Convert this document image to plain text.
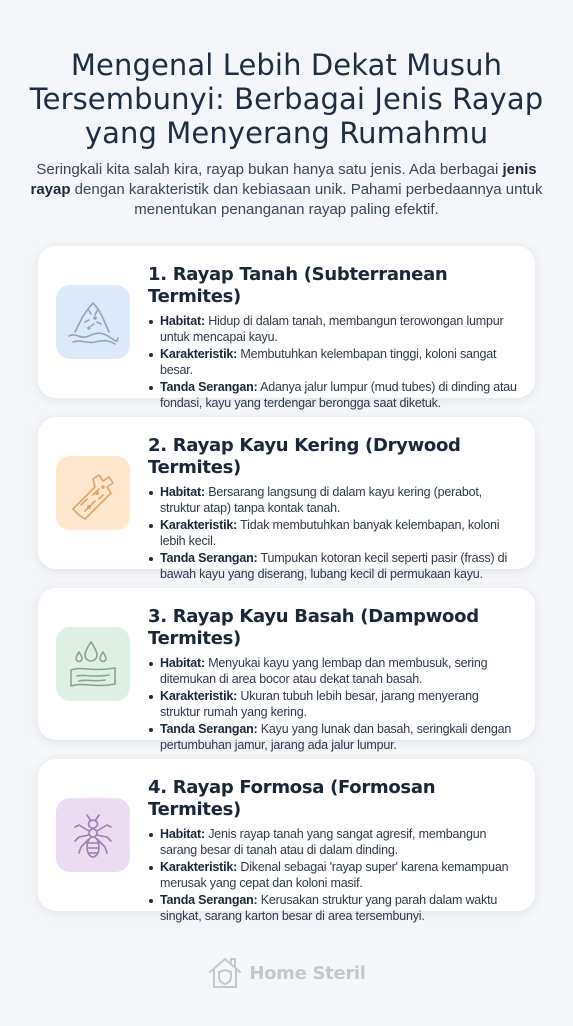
Mengenal Lebih Dekat Musuh Tersembunyi: Berbagai Jenis Rayap yang Menyerang Rumahmu

Seringkali kita salah kira, rayap bukan hanya satu jenis. Ada berbagai jenis rayap dengan karakteristik dan kebiasaan unik. Pahami perbedaannya untuk menentukan penanganan rayap paling efektif.

1. Rayap Tanah (Subterranean Termites)
Habitat: Hidup di dalam tanah, membangun terowongan lumpur untuk mencapai kayu.
Karakteristik: Membutuhkan kelembapan tinggi, koloni sangat besar.
Tanda Serangan: Adanya jalur lumpur (mud tubes) di dinding atau fondasi, kayu yang terdengar berongga saat diketuk.
2. Rayap Kayu Kering (Drywood Termites)
Habitat: Bersarang langsung di dalam kayu kering (perabot, struktur atap) tanpa kontak tanah.
Karakteristik: Tidak membutuhkan banyak kelembapan, koloni lebih kecil.
Tanda Serangan: Tumpukan kotoran kecil seperti pasir (frass) di bawah kayu yang diserang, lubang kecil di permukaan kayu.
3. Rayap Kayu Basah (Dampwood Termites)
Habitat: Menyukai kayu yang lembap dan membusuk, sering ditemukan di area bocor atau dekat tanah basah.
Karakteristik: Ukuran tubuh lebih besar, jarang menyerang struktur rumah yang kering.
Tanda Serangan: Kayu yang lunak dan basah, seringkali dengan pertumbuhan jamur, jarang ada jalur lumpur.
4. Rayap Formosa (Formosan Termites)
Habitat: Jenis rayap tanah yang sangat agresif, membangun sarang besar di tanah atau di dalam dinding.
Karakteristik: Dikenal sebagai 'rayap super' karena kemampuan merusak yang cepat dan koloni masif.
Tanda Serangan: Kerusakan struktur yang parah dalam waktu singkat, sarang karton besar di area tersembunyi.
Home Steril
